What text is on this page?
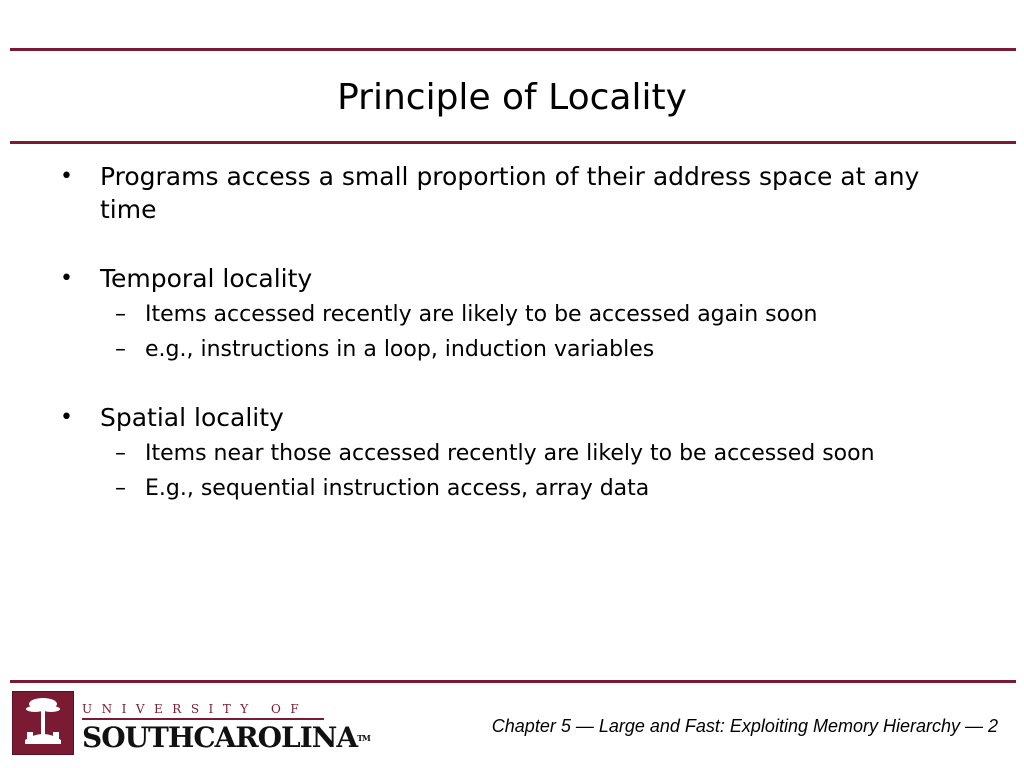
Principle of Locality
• Programs access a small proportion of their address space at any time
• Temporal locality
– Items accessed recently are likely to be accessed again soon
– e.g., instructions in a loop, induction variables
• Spatial locality
– Items near those accessed recently are likely to be accessed soon
– E.g., sequential instruction access, array data
UNIVERSITY OF
SOUTHCAROLINA™
Chapter 5 — Large and Fast: Exploiting Memory Hierarchy — 2
